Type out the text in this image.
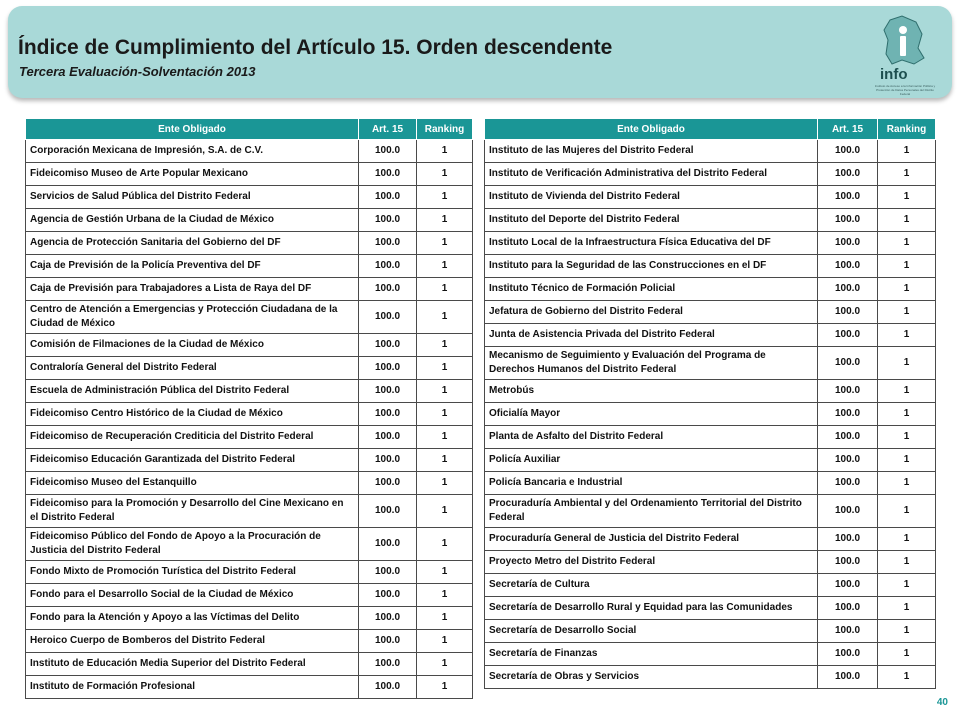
Índice de Cumplimiento del Artículo 15. Orden descendente
Tercera Evaluación-Solventación 2013	info
Instituto de Acceso a la Información Pública y Protección de Datos Personales del Distrito Federal
Ente Obligado	Art. 15	Ranking
Corporación Mexicana de Impresión, S.A. de C.V.	100.0	1
Fideicomiso Museo de Arte Popular Mexicano	100.0	1
Servicios de Salud Pública del Distrito Federal	100.0	1
Agencia de Gestión Urbana de la Ciudad de México	100.0	1
Agencia de Protección Sanitaria del Gobierno del DF	100.0	1
Caja de Previsión de la Policía Preventiva del DF	100.0	1
Caja de Previsión para Trabajadores a Lista de Raya del DF	100.0	1
Centro de Atención a Emergencias y Protección Ciudadana de la Ciudad de México	100.0	1
Comisión de Filmaciones de la Ciudad de México	100.0	1
Contraloría General del Distrito Federal	100.0	1
Escuela de Administración Pública del Distrito Federal	100.0	1
Fideicomiso Centro Histórico de la Ciudad de México	100.0	1
Fideicomiso de Recuperación Crediticia del Distrito Federal	100.0	1
Fideicomiso Educación Garantizada del Distrito Federal	100.0	1
Fideicomiso Museo del Estanquillo	100.0	1
Fideicomiso para la Promoción y Desarrollo del Cine Mexicano en el Distrito Federal	100.0	1
Fideicomiso Público del Fondo de Apoyo a la Procuración de Justicia del Distrito Federal	100.0	1
Fondo Mixto de Promoción Turística del Distrito Federal	100.0	1
Fondo para el Desarrollo Social de la Ciudad de México	100.0	1
Fondo para la Atención y Apoyo a las Víctimas del Delito	100.0	1
Heroico Cuerpo de Bomberos del Distrito Federal	100.0	1
Instituto de Educación Media Superior del Distrito Federal	100.0	1
Instituto de Formación Profesional	100.0	1
Ente Obligado	Art. 15	Ranking
Instituto de las Mujeres del Distrito Federal	100.0	1
Instituto de Verificación Administrativa del Distrito Federal	100.0	1
Instituto de Vivienda del Distrito Federal	100.0	1
Instituto del Deporte del Distrito Federal	100.0	1
Instituto Local de la Infraestructura Física Educativa del DF	100.0	1
Instituto para la Seguridad de las Construcciones en el DF	100.0	1
Instituto Técnico de Formación Policial	100.0	1
Jefatura de Gobierno del Distrito Federal	100.0	1
Junta de Asistencia Privada del Distrito Federal	100.0	1
Mecanismo de Seguimiento y Evaluación del Programa de Derechos Humanos del Distrito Federal	100.0	1
Metrobús	100.0	1
Oficialía Mayor	100.0	1
Planta de Asfalto del Distrito Federal	100.0	1
Policía Auxiliar	100.0	1
Policía Bancaria e Industrial	100.0	1
Procuraduría Ambiental y del Ordenamiento Territorial del Distrito Federal	100.0	1
Procuraduría General de Justicia del Distrito Federal	100.0	1
Proyecto Metro del Distrito Federal	100.0	1
Secretaría de Cultura	100.0	1
Secretaría de Desarrollo Rural y Equidad para las Comunidades	100.0	1
Secretaría de Desarrollo Social	100.0	1
Secretaría de Finanzas	100.0	1
Secretaría de Obras y Servicios	100.0	1
40
